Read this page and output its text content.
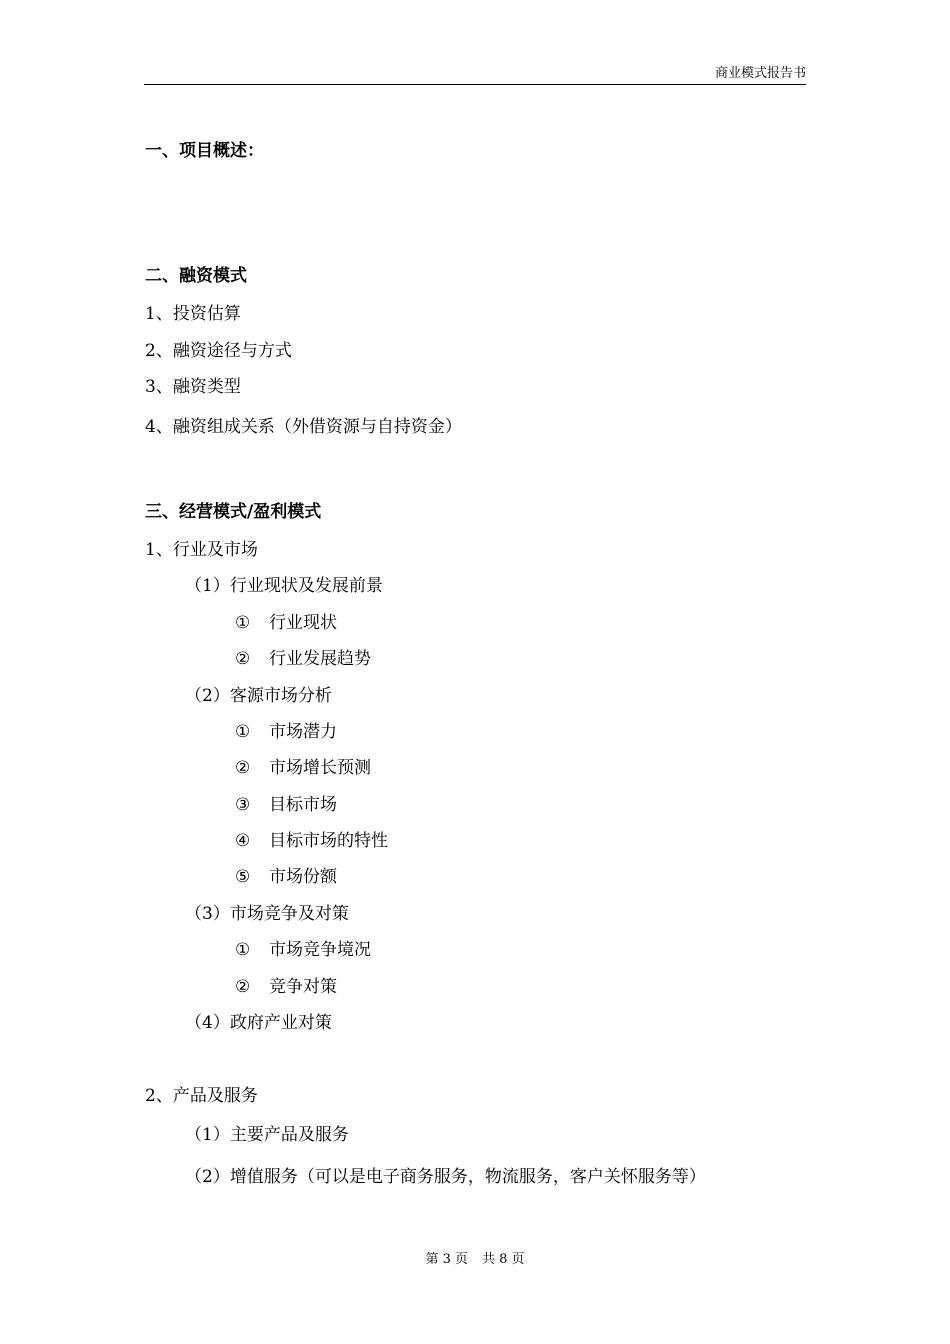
商业模式报告书
一、项目概述：
二、融资模式
1、投资估算
2、融资途径与方式
3、融资类型
4、融资组成关系（外借资源与自持资金）
三、经营模式/盈利模式
1、行业及市场
（1）行业现状及发展前景
① 行业现状
② 行业发展趋势
（2）客源市场分析
① 市场潜力
② 市场增长预测
③ 目标市场
④ 目标市场的特性
⑤ 市场份额
（3）市场竞争及对策
① 市场竞争境况
② 竞争对策
（4）政府产业对策
2、产品及服务
（1）主要产品及服务
（2）增值服务（可以是电子商务服务，物流服务，客户关怀服务等）
第 3 页 共 8 页
